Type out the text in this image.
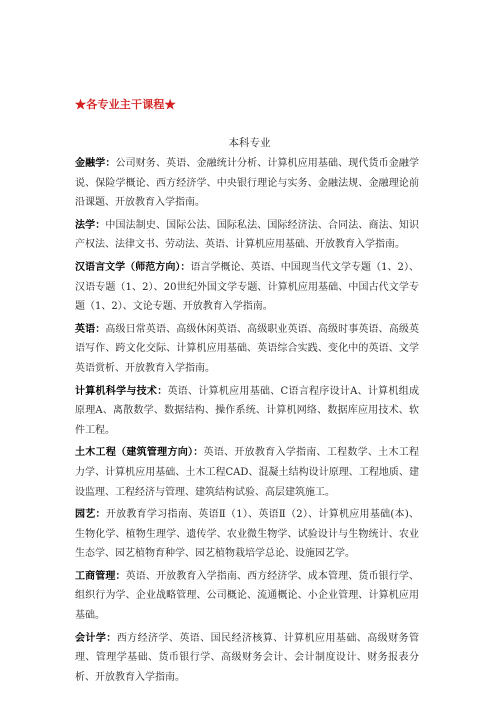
★各专业主干课程★
本科专业

金融学：公司财务、英语、金融统计分析、计算机应用基础、现代货币金融学说、保险学概论、西方经济学、中央银行理论与实务、金融法规、金融理论前沿课题、开放教育入学指南。

法学：中国法制史、国际公法、国际私法、国际经济法、合同法、商法、知识产权法、法律文书、劳动法、英语、计算机应用基础、开放教育入学指南。

汉语言文学（师范方向）：语言学概论、英语、中国现当代文学专题（1、2）、汉语专题（1、2）、20世纪外国文学专题、计算机应用基础、中国古代文学专题（1、2）、文论专题、开放教育入学指南。

英语：高级日常英语、高级休闲英语、高级职业英语、高级时事英语、高级英语写作、跨文化交际、计算机应用基础、英语综合实践、变化中的英语、文学英语赏析、开放教育入学指南。

计算机科学与技术：英语、计算机应用基础、C语言程序设计A、计算机组成原理A、离散数学、数据结构、操作系统、计算机网络、数据库应用技术、软件工程。

土木工程（建筑管理方向）：英语、开放教育入学指南、工程数学、土木工程力学、计算机应用基础、土木工程CAD、混凝土结构设计原理、工程地质、建设监理、工程经济与管理、建筑结构试验、高层建筑施工。

园艺：开放教育学习指南、英语Ⅱ（1）、英语Ⅱ（2）、计算机应用基础(本)、生物化学、植物生理学、遗传学、农业微生物学、试验设计与生物统计、农业生态学、园艺植物育种学、园艺植物栽培学总论、设施园艺学。

工商管理：英语、开放教育入学指南、西方经济学、成本管理、货币银行学、组织行为学、企业战略管理、公司概论、流通概论、小企业管理、计算机应用基础。

会计学：西方经济学、英语、国民经济核算、计算机应用基础、高级财务管理、管理学基础、货币银行学、高级财务会计、会计制度设计、财务报表分析、开放教育入学指南。
